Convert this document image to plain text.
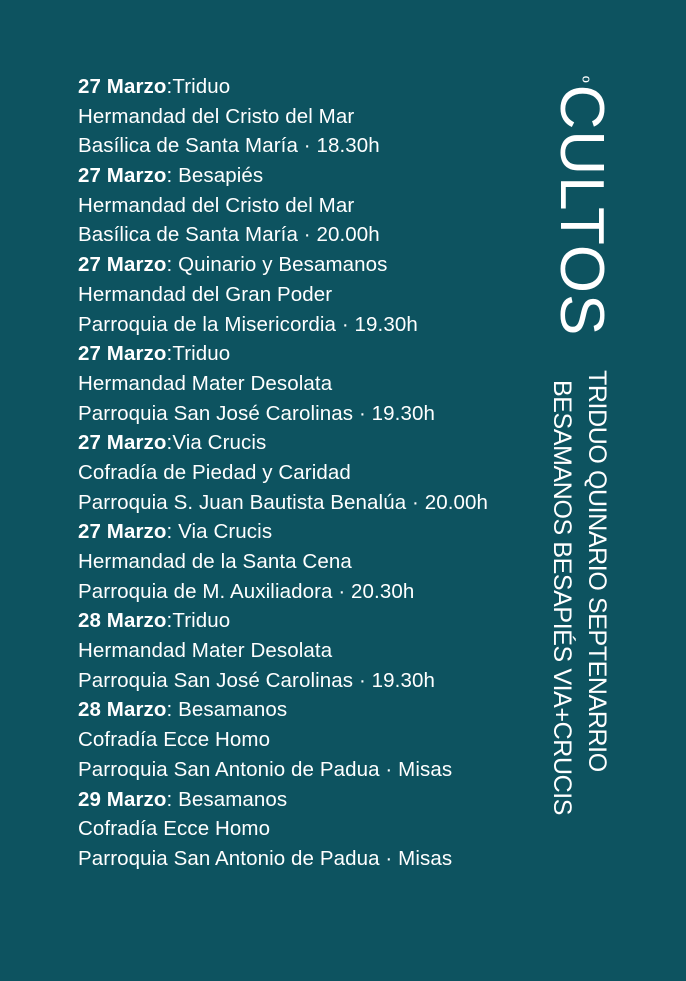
27 Marzo:Triduo
Hermandad del Cristo del Mar
Basílica de Santa María · 18.30h
27 Marzo: Besapiés
Hermandad del Cristo del Mar
Basílica de Santa María · 20.00h
27 Marzo: Quinario y Besamanos
Hermandad del Gran Poder
Parroquia de la Misericordia · 19.30h
27 Marzo:Triduo
Hermandad Mater Desolata
Parroquia San José Carolinas · 19.30h
27 Marzo:Via Crucis
Cofradía de Piedad y Caridad
Parroquia S. Juan Bautista Benalúa · 20.00h
27 Marzo: Via Crucis
Hermandad de la Santa Cena
Parroquia de M. Auxiliadora · 20.30h
28 Marzo:Triduo
Hermandad Mater Desolata
Parroquia San José Carolinas · 19.30h
28 Marzo: Besamanos
Cofradía Ecce Homo
Parroquia San Antonio de Padua · Misas
29 Marzo: Besamanos
Cofradía Ecce Homo
Parroquia San Antonio de Padua · Misas
$^º$CULTOS
TRIDUO QUINARIO SEPTENARRIO
BESAMANOS BESAPIÉS VIA+CRUCIS
